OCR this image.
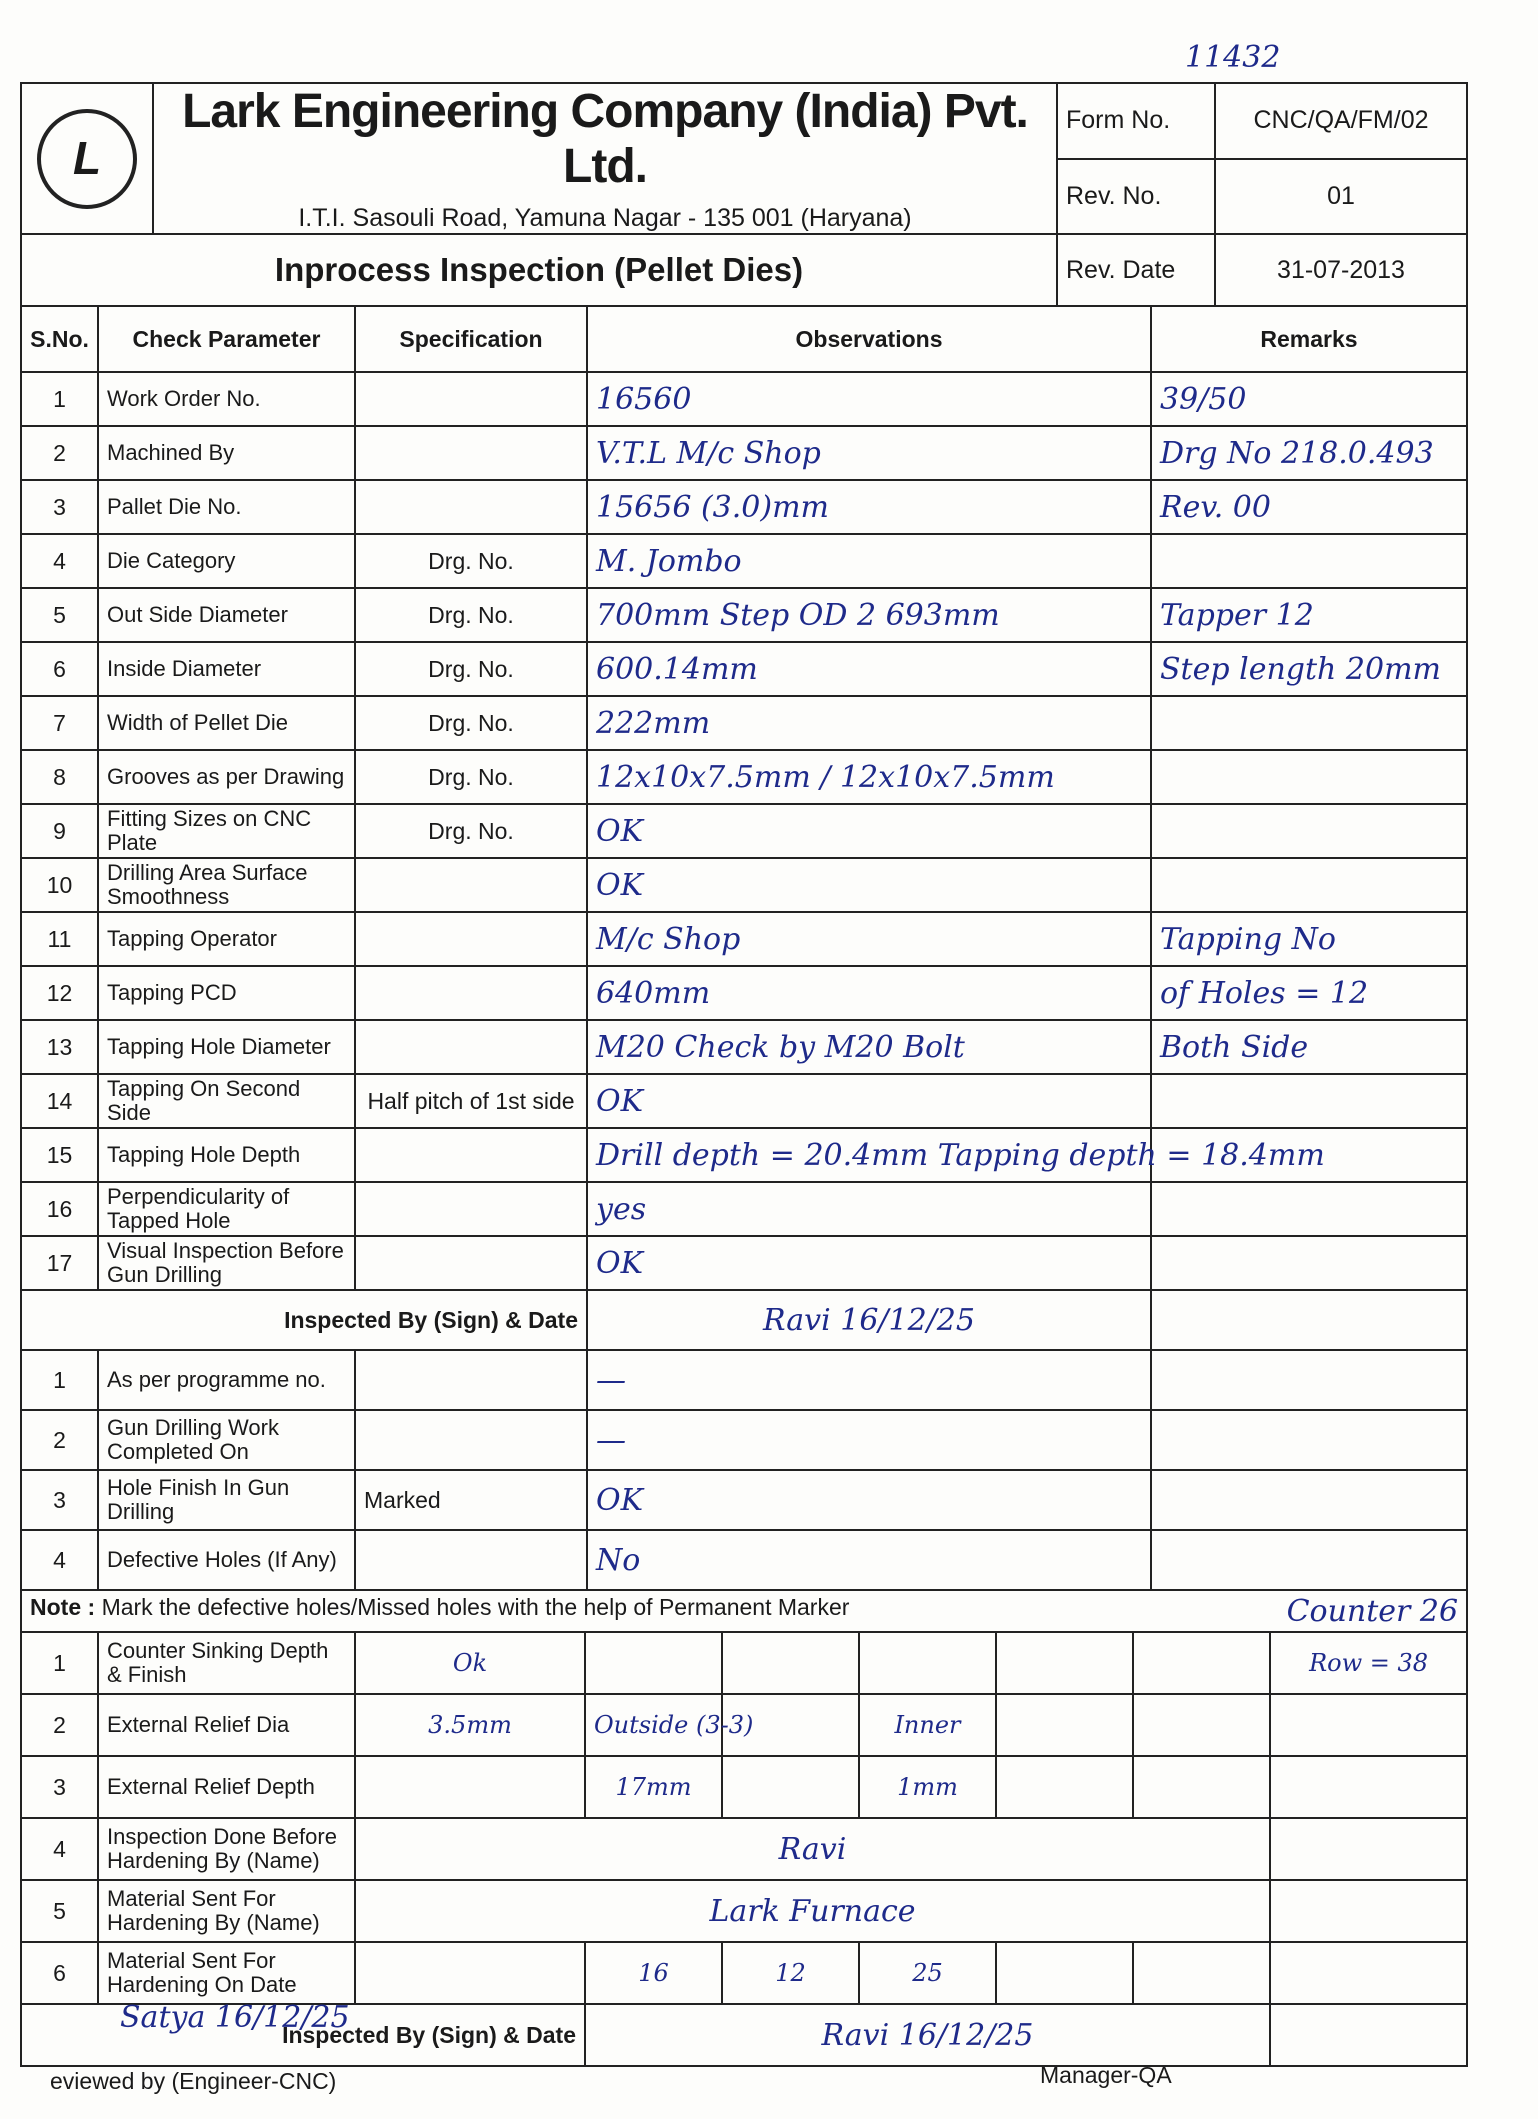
11432
L	Lark Engineering Company (India) Pvt. Ltd.
I.T.I. Sasouli Road, Yamuna Nagar - 135 001 (Haryana)	Form No.	CNC/QA/FM/02
		Rev. No.	01
Inprocess Inspection (Pellet Dies)		Rev. Date	31-07-2013
S.No.	Check Parameter	Specification	Observations	Remarks
1	Work Order No.		16560	39/50
2	Machined By		V.T.L M/c Shop	Drg No 218.0.493
3	Pallet Die No.		15656 (3.0)mm	Rev. 00
4	Die Category	Drg. No.	M. Jombo	
5	Out Side Diameter	Drg. No.	700mm Step OD 2 693mm	Tapper 12
6	Inside Diameter	Drg. No.	600.14mm	Step length 20mm
7	Width of Pellet Die	Drg. No.	222mm	
8	Grooves as per Drawing	Drg. No.	12x10x7.5mm / 12x10x7.5mm	
9	Fitting Sizes on CNC Plate	Drg. No.	OK	
10	Drilling Area Surface Smoothness		OK	
11	Tapping Operator		M/c Shop	Tapping No
12	Tapping PCD		640mm	of Holes = 12
13	Tapping Hole Diameter		M20 Check by M20 Bolt	Both Side
14	Tapping On Second Side	Half pitch of 1st side	OK	
15	Tapping Hole Depth		Drill depth = 20.4mm Tapping depth = 18.4mm	
16	Perpendicularity of Tapped Hole		yes	
17	Visual Inspection Before Gun Drilling		OK	
Inspected By (Sign) & Date			Ravi 16/12/25	
1	As per programme no.		—	
2	Gun Drilling Work Completed On		—	
3	Hole Finish In Gun Drilling	Marked	OK	
4	Defective Holes (If Any)		No	
Note : Mark the defective holes/Missed holes with the help of Permanent Marker Counter 26								

1	Counter Sinking Depth & Finish	Ok						Row = 38
2	External Relief Dia	3.5mm	Outside (3-3)		Inner			
3	External Relief Depth		17mm		1mm			
4	Inspection Done Before Hardening By (Name)	Ravi						
5	Material Sent For Hardening By (Name)	Lark Furnace						
6	Material Sent For Hardening On Date		16	12	25			
Inspected By (Sign) & Date			Ravi 16/12/25					
Satya 16/12/25
eviewed by (Engineer-CNC)	Manager-QA
